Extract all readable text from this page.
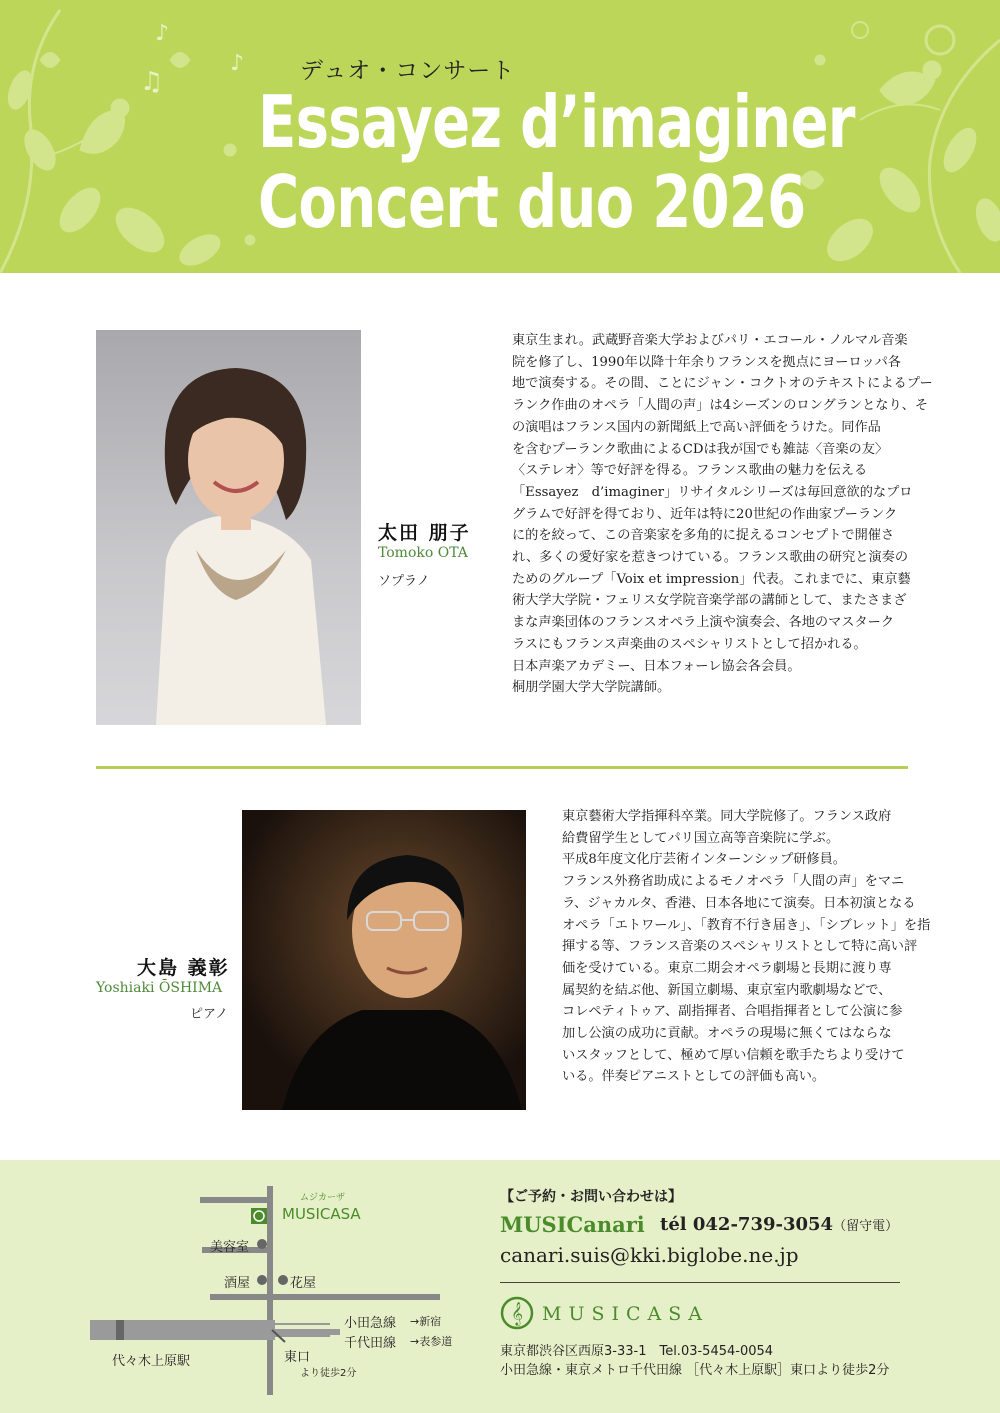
♪
♫
♪ デュオ・コンサート
Essayez d’imaginer
Concert duo 2026
太田 朋子
Tomoko OTA
ソプラノ

東京生まれ。武蔵野音楽大学およびパリ・エコール・ノルマル音楽

院を修了し、1990年以降十年余りフランスを拠点にヨーロッパ各

地で演奏する。その間、ことにジャン・コクトオのテキストによるプー

ランク作曲のオペラ「人間の声」は4シーズンのロングランとなり、そ

の演唱はフランス国内の新聞紙上で高い評価をうけた。同作品

を含むプーランク歌曲によるCDは我が国でも雑誌〈音楽の友〉

〈ステレオ〉等で好評を得る。フランス歌曲の魅力を伝える

「Essayez　d’imaginer」リサイタルシリーズは毎回意欲的なプロ

グラムで好評を得ており、近年は特に20世紀の作曲家プーランク

に的を絞って、この音楽家を多角的に捉えるコンセプトで開催さ

れ、多くの愛好家を惹きつけている。フランス歌曲の研究と演奏の

ためのグループ「Voix et impression」代表。これまでに、東京藝

術大学大学院・フェリス女学院音楽学部の講師として、またさまざ

まな声楽団体のフランスオペラ上演や演奏会、各地のマスターク

ラスにもフランス声楽曲のスペシャリストとして招かれる。

日本声楽アカデミー、日本フォーレ協会各会員。

桐朋学園大学大学院講師。

大島 義彰
Yoshiaki ŌSHIMA
ピアノ

東京藝術大学指揮科卒業。同大学院修了。フランス政府

給費留学生としてパリ国立高等音楽院に学ぶ。

平成8年度文化庁芸術インターンシップ研修員。

フランス外務省助成によるモノオペラ「人間の声」をマニ

ラ、ジャカルタ、香港、日本各地にて演奏。日本初演となる

オペラ「エトワール」、「教育不行き届き」、「シブレット」を指

揮する等、フランス音楽のスペシャリストとして特に高い評

価を受けている。東京二期会オペラ劇場と長期に渡り専

属契約を結ぶ他、新国立劇場、東京室内歌劇場などで、

コレペティトゥア、副指揮者、合唱指揮者として公演に参

加し公演の成功に貢献。オペラの現場に無くてはならな

いスタッフとして、極めて厚い信頼を歌手たちより受けて

いる。伴奏ピアニストとしての評価も高い。

ムジカーザ
MUSICASA
美容室
酒屋	花屋
小田急線 →新宿
千代田線 →表参道
代々木上原駅	東口
より徒歩2分
【ご予約・お問い合わせは】
MUSICanari tél 042-739-3054（留守電）
canari.suis@kki.biglobe.ne.jp
𝄞 MUSICASA
東京都渋谷区西原3-33-1　Tel.03-5454-0054
小田急線・東京メトロ千代田線 ［代々木上原駅］東口より徒歩2分
